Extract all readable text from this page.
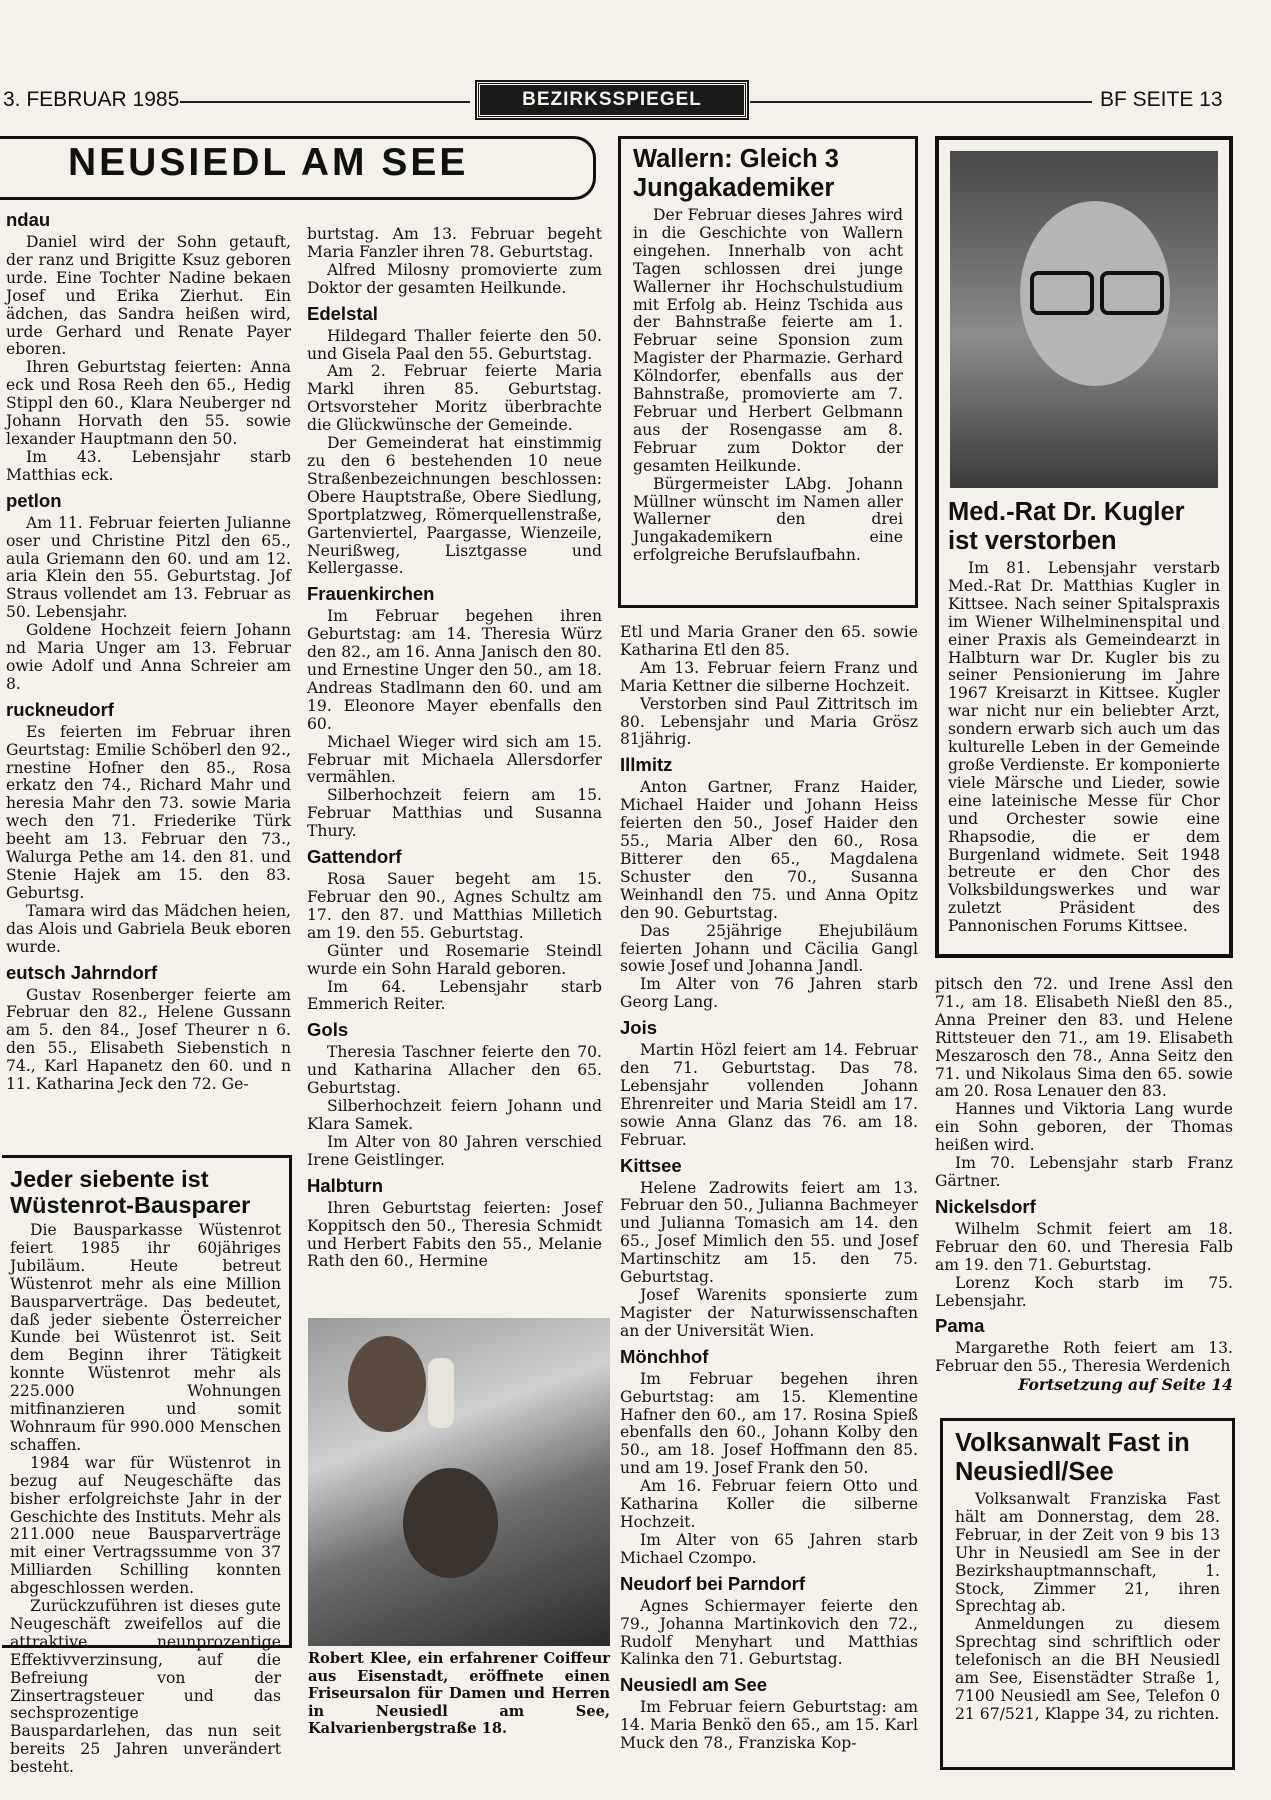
3. FEBRUAR 1985	BEZIRKSSPIEGEL	BF SEITE 13
NEUSIEDL AM SEE
ndau

Daniel wird der Sohn getauft, der ranz und Brigitte Ksuz geboren urde. Eine Tochter Nadine bekaen Josef und Erika Zierhut. Ein ädchen, das Sandra heißen wird, urde Gerhard und Renate Payer eboren.

Ihren Geburtstag feierten: Anna eck und Rosa Reeh den 65., Hedig Stippl den 60., Klara Neuberger nd Johann Horvath den 55. sowie lexander Hauptmann den 50.

Im 43. Lebensjahr starb Matthias eck.

petlon

Am 11. Februar feierten Julianne oser und Christine Pitzl den 65., aula Griemann den 60. und am 12. aria Klein den 55. Geburtstag. Jof Straus vollendet am 13. Februar as 50. Lebensjahr.

Goldene Hochzeit feiern Johann nd Maria Unger am 13. Februar owie Adolf und Anna Schreier am 8.

ruckneudorf

Es feierten im Februar ihren Geurtstag: Emilie Schöberl den 92., rnestine Hofner den 85., Rosa erkatz den 74., Richard Mahr und heresia Mahr den 73. sowie Maria wech den 71. Friederike Türk beeht am 13. Februar den 73., Walurga Pethe am 14. den 81. und Stenie Hajek am 15. den 83. Geburtsg.

Tamara wird das Mädchen heien, das Alois und Gabriela Beuk eboren wurde.

eutsch Jahrndorf

Gustav Rosenberger feierte am Februar den 82., Helene Gussann am 5. den 84., Josef Theurer n 6. den 55., Elisabeth Siebenstich n 74., Karl Hapanetz den 60. und n 11. Katharina Jeck den 72. Ge-

Jeder siebente ist Wüstenrot-Bausparer

Die Bausparkasse Wüstenrot feiert 1985 ihr 60jähriges Jubiläum. Heute betreut Wüstenrot mehr als eine Million Bausparverträge. Das bedeutet, daß jeder siebente Österreicher Kunde bei Wüstenrot ist. Seit dem Beginn ihrer Tätigkeit konnte Wüstenrot mehr als 225.000 Wohnungen mitfinanzieren und somit Wohnraum für 990.000 Menschen schaffen.

1984 war für Wüstenrot in bezug auf Neugeschäfte das bisher erfolgreichste Jahr in der Geschichte des Instituts. Mehr als 211.000 neue Bausparverträge mit einer Vertragssumme von 37 Milliarden Schilling konnten abgeschlossen werden.

Zurückzuführen ist dieses gute Neugeschäft zweifellos auf die attraktive neunprozentige Effektivverzinsung, auf die Befreiung von der Zinsertragsteuer und das sechsprozentige Bauspardarlehen, das nun seit bereits 25 Jahren unverändert besteht.

burtstag. Am 13. Februar begeht Maria Fanzler ihren 78. Geburtstag.

Alfred Milosny promovierte zum Doktor der gesamten Heilkunde.

Edelstal

Hildegard Thaller feierte den 50. und Gisela Paal den 55. Geburtstag.

Am 2. Februar feierte Maria Markl ihren 85. Geburtstag. Ortsvorsteher Moritz überbrachte die Glückwünsche der Gemeinde.

Der Gemeinderat hat einstimmig zu den 6 bestehenden 10 neue Straßenbezeichnungen beschlossen: Obere Hauptstraße, Obere Siedlung, Sportplatzweg, Römerquellenstraße, Gartenviertel, Paargasse, Wienzeile, Neurißweg, Lisztgasse und Kellergasse.

Frauenkirchen

Im Februar begehen ihren Geburtstag: am 14. Theresia Würz den 82., am 16. Anna Janisch den 80. und Ernestine Unger den 50., am 18. Andreas Stadlmann den 60. und am 19. Eleonore Mayer ebenfalls den 60.

Michael Wieger wird sich am 15. Februar mit Michaela Allersdorfer vermählen.

Silberhochzeit feiern am 15. Februar Matthias und Susanna Thury.

Gattendorf

Rosa Sauer begeht am 15. Februar den 90., Agnes Schultz am 17. den 87. und Matthias Milletich am 19. den 55. Geburtstag.

Günter und Rosemarie Steindl wurde ein Sohn Harald geboren.

Im 64. Lebensjahr starb Emmerich Reiter.

Gols

Theresia Taschner feierte den 70. und Katharina Allacher den 65. Geburtstag.

Silberhochzeit feiern Johann und Klara Samek.

Im Alter von 80 Jahren verschied Irene Geistlinger.

Halbturn

Ihren Geburtstag feierten: Josef Koppitsch den 50., Theresia Schmidt und Herbert Fabits den 55., Melanie Rath den 60., Hermine

Robert Klee, ein erfahrener Coiffeur aus Eisenstadt, eröffnete einen Friseursalon für Damen und Herren in Neusiedl am See, Kalvarienbergstraße 18.
Wallern: Gleich 3 Jungakademiker

Der Februar dieses Jahres wird in die Geschichte von Wallern eingehen. Innerhalb von acht Tagen schlossen drei junge Wallerner ihr Hochschulstudium mit Erfolg ab. Heinz Tschida aus der Bahnstraße feierte am 1. Februar seine Sponsion zum Magister der Pharmazie. Gerhard Kölndorfer, ebenfalls aus der Bahnstraße, promovierte am 7. Februar und Herbert Gelbmann aus der Rosengasse am 8. Februar zum Doktor der gesamten Heilkunde.

Bürgermeister LAbg. Johann Müllner wünscht im Namen aller Wallerner den drei Jungakademikern eine erfolgreiche Berufslaufbahn.

Etl und Maria Graner den 65. sowie Katharina Etl den 85.

Am 13. Februar feiern Franz und Maria Kettner die silberne Hochzeit.

Verstorben sind Paul Zittritsch im 80. Lebensjahr und Maria Grösz 81jährig.

Illmitz

Anton Gartner, Franz Haider, Michael Haider und Johann Heiss feierten den 50., Josef Haider den 55., Maria Alber den 60., Rosa Bitterer den 65., Magdalena Schuster den 70., Susanna Weinhandl den 75. und Anna Opitz den 90. Geburtstag.

Das 25jährige Ehejubiläum feierten Johann und Cäcilia Gangl sowie Josef und Johanna Jandl.

Im Alter von 76 Jahren starb Georg Lang.

Jois

Martin Hözl feiert am 14. Februar den 71. Geburtstag. Das 78. Lebensjahr vollenden Johann Ehrenreiter und Maria Steidl am 17. sowie Anna Glanz das 76. am 18. Februar.

Kittsee

Helene Zadrowits feiert am 13. Februar den 50., Julianna Bachmeyer und Julianna Tomasich am 14. den 65., Josef Mimlich den 55. und Josef Martinschitz am 15. den 75. Geburtstag.

Josef Warenits sponsierte zum Magister der Naturwissenschaften an der Universität Wien.

Mönchhof

Im Februar begehen ihren Geburtstag: am 15. Klementine Hafner den 60., am 17. Rosina Spieß ebenfalls den 60., Johann Kolby den 50., am 18. Josef Hoffmann den 85. und am 19. Josef Frank den 50.

Am 16. Februar feiern Otto und Katharina Koller die silberne Hochzeit.

Im Alter von 65 Jahren starb Michael Czompo.

Neudorf bei Parndorf

Agnes Schiermayer feierte den 79., Johanna Martinkovich den 72., Rudolf Menyhart und Matthias Kalinka den 71. Geburtstag.

Neusiedl am See

Im Februar feiern Geburtstag: am 14. Maria Benkö den 65., am 15. Karl Muck den 78., Franziska Kop-

Med.-Rat Dr. Kugler ist verstorben

Im 81. Lebensjahr verstarb Med.-Rat Dr. Matthias Kugler in Kittsee. Nach seiner Spitalspraxis im Wiener Wilhelminenspital und einer Praxis als Gemeindearzt in Halbturn war Dr. Kugler bis zu seiner Pensionierung im Jahre 1967 Kreisarzt in Kittsee. Kugler war nicht nur ein beliebter Arzt, sondern erwarb sich auch um das kulturelle Leben in der Gemeinde große Verdienste. Er komponierte viele Märsche und Lieder, sowie eine lateinische Messe für Chor und Orchester sowie eine Rhapsodie, die er dem Burgenland widmete. Seit 1948 betreute er den Chor des Volksbildungswerkes und war zuletzt Präsident des Pannonischen Forums Kittsee.

pitsch den 72. und Irene Assl den 71., am 18. Elisabeth Nießl den 85., Anna Preiner den 83. und Helene Rittsteuer den 71., am 19. Elisabeth Meszarosch den 78., Anna Seitz den 71. und Nikolaus Sima den 65. sowie am 20. Rosa Lenauer den 83.

Hannes und Viktoria Lang wurde ein Sohn geboren, der Thomas heißen wird.

Im 70. Lebensjahr starb Franz Gärtner.

Nickelsdorf

Wilhelm Schmit feiert am 18. Februar den 60. und Theresia Falb am 19. den 71. Geburtstag.

Lorenz Koch starb im 75. Lebensjahr.

Pama

Margarethe Roth feiert am 13. Februar den 55., Theresia Werdenich

Fortsetzung auf Seite 14

Volksanwalt Fast in Neusiedl/See

Volksanwalt Franziska Fast hält am Donnerstag, dem 28. Februar, in der Zeit von 9 bis 13 Uhr in Neusiedl am See in der Bezirkshauptmannschaft, 1. Stock, Zimmer 21, ihren Sprechtag ab.

Anmeldungen zu diesem Sprechtag sind schriftlich oder telefonisch an die BH Neusiedl am See, Eisenstädter Straße 1, 7100 Neusiedl am See, Telefon 0 21 67/521, Klappe 34, zu richten.
